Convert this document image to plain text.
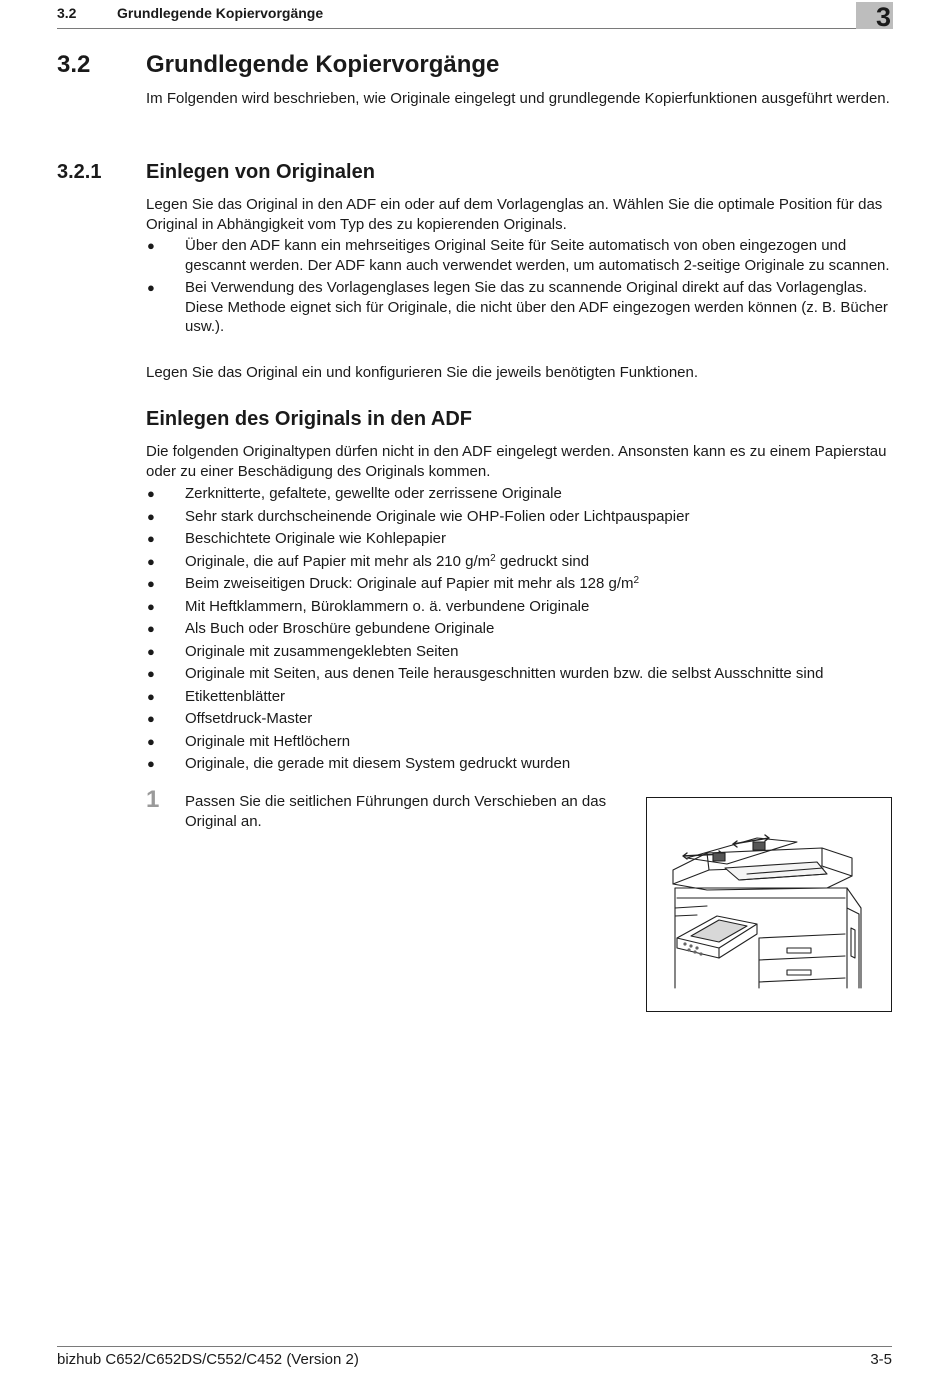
3.2	Grundlegende Kopiervorgänge	3
3.2 Grundlegende Kopiervorgänge
Im Folgenden wird beschrieben, wie Originale eingelegt und grundlegende Kopierfunktionen ausgeführt werden.
3.2.1 Einlegen von Originalen
Legen Sie das Original in den ADF ein oder auf dem Vorlagenglas an. Wählen Sie die optimale Position für das Original in Abhängigkeit vom Typ des zu kopierenden Originals.
● Über den ADF kann ein mehrseitiges Original Seite für Seite automatisch von oben eingezogen und gescannt werden. Der ADF kann auch verwendet werden, um automatisch 2-seitige Originale zu scannen.
● Bei Verwendung des Vorlagenglases legen Sie das zu scannende Original direkt auf das Vorlagenglas. Diese Methode eignet sich für Originale, die nicht über den ADF eingezogen werden können (z. B. Bücher usw.).
Legen Sie das Original ein und konfigurieren Sie die jeweils benötigten Funktionen.
Einlegen des Originals in den ADF
Die folgenden Originaltypen dürfen nicht in den ADF eingelegt werden. Ansonsten kann es zu einem Papierstau oder zu einer Beschädigung des Originals kommen.
● Zerknitterte, gefaltete, gewellte oder zerrissene Originale
● Sehr stark durchscheinende Originale wie OHP-Folien oder Lichtpauspapier
● Beschichtete Originale wie Kohlepapier
● Originale, die auf Papier mit mehr als 210 $g/m^2$ gedruckt sind
● Beim zweiseitigen Druck: Originale auf Papier mit mehr als 128 $g/m^2$
● Mit Heftklammern, Büroklammern o. ä. verbundene Originale
● Als Buch oder Broschüre gebundene Originale
● Originale mit zusammengeklebten Seiten
● Originale mit Seiten, aus denen Teile herausgeschnitten wurden bzw. die selbst Ausschnitte sind
● Etikettenblätter
● Offsetdruck-Master
● Originale mit Heftlöchern
● Originale, die gerade mit diesem System gedruckt wurden
1 Passen Sie die seitlichen Führungen durch Verschieben an das Original an.
bizhub C652/C652DS/C552/C452 (Version 2)	3-5
